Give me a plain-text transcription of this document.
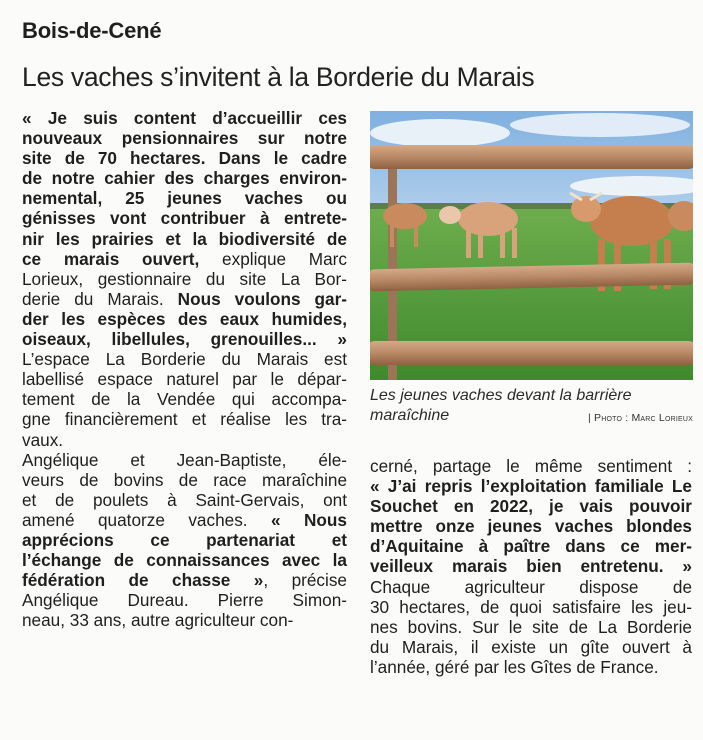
Bois-de-Cené
Les vaches s’invitent à la Borderie du Marais
« Je suis content d’accueillir ces
nouveaux pensionnaires sur notre
site de 70 hectares. Dans le cadre
de notre cahier des charges environ-
nemental, 25 jeunes vaches ou
génisses vont contribuer à entrete-
nir les prairies et la biodiversité de
ce marais ouvert, explique Marc
Lorieux, gestionnaire du site La Bor-
derie du Marais. Nous voulons gar-
der les espèces des eaux humides,
oiseaux, libellules, grenouilles... »
L’espace La Borderie du Marais est
labellisé espace naturel par le dépar-
tement de la Vendée qui accompa-
gne financièrement et réalise les tra-
vaux.
Angélique et Jean-Baptiste, éle-
veurs de bovins de race maraîchine
et de poulets à Saint-Gervais, ont
amené quatorze vaches. « Nous
apprécions ce partenariat et
l’échange de connaissances avec la
fédération de chasse », précise
Angélique Dureau. Pierre Simon-
neau, 33 ans, autre agriculteur con-
cerné, partage le même sentiment :
« J’ai repris l’exploitation familiale Le
Souchet en 2022, je vais pouvoir
mettre onze jeunes vaches blondes
d’Aquitaine à paître dans ce mer-
veilleux marais bien entretenu. »
Chaque agriculteur dispose de
30 hectares, de quoi satisfaire les jeu-
nes bovins. Sur le site de La Borderie
du Marais, il existe un gîte ouvert à
l’année, géré par les Gîtes de France.
Les jeunes vaches devant la barrière
maraîchine	| Photo : Marc Lorieux
